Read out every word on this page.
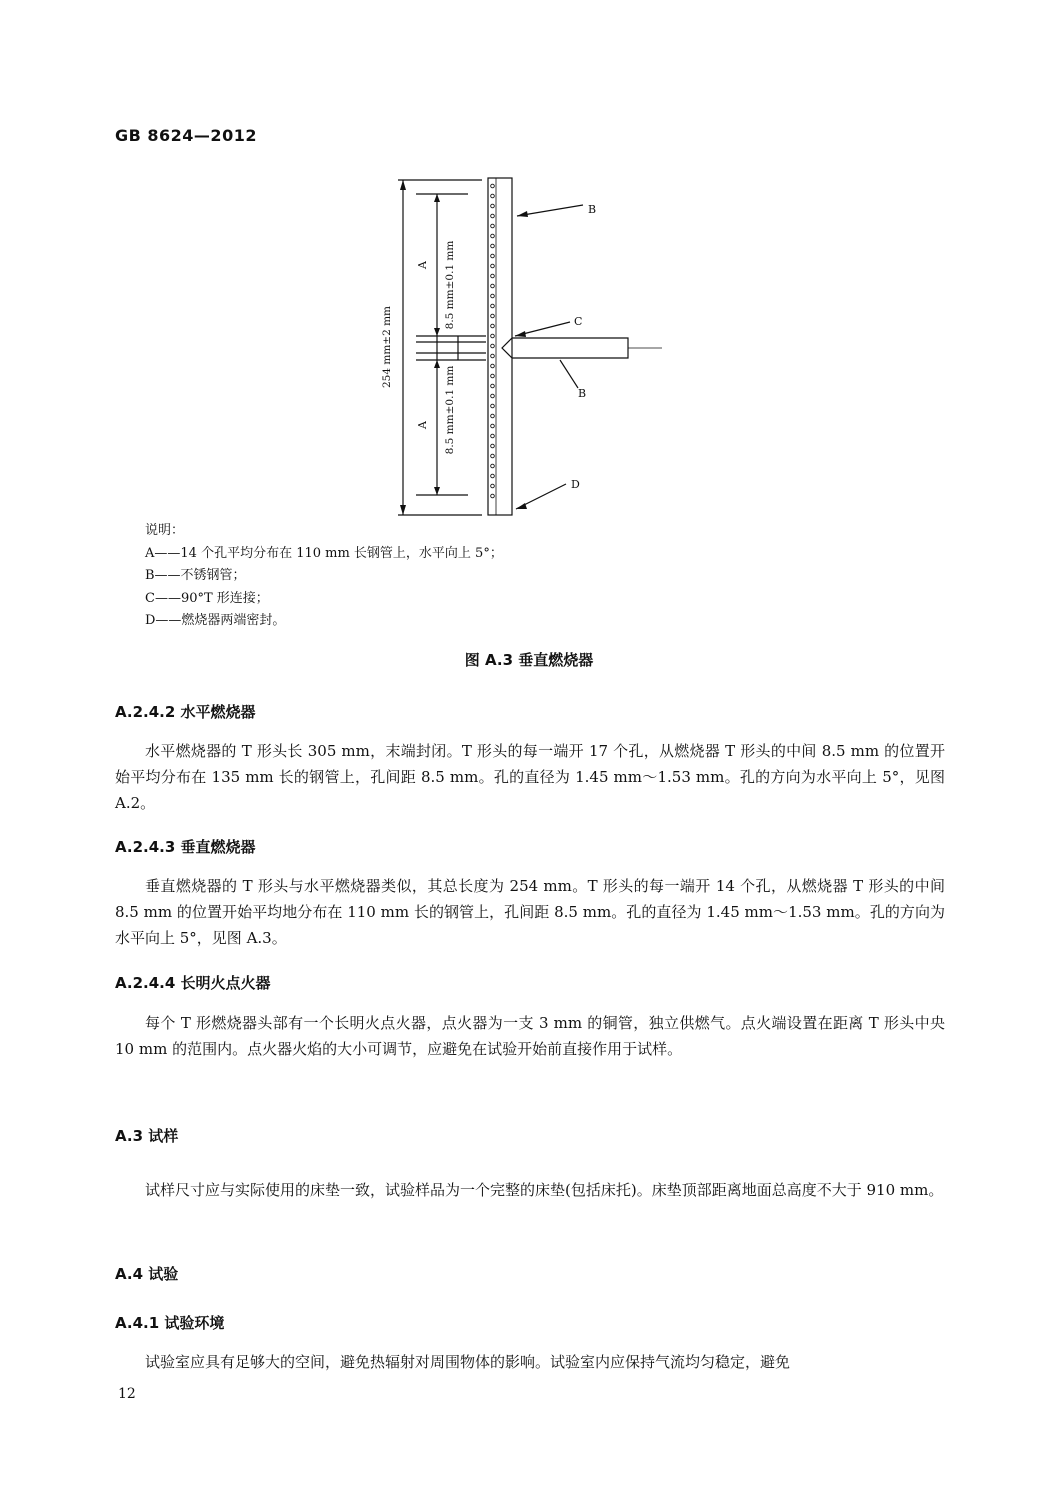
GB 8624—2012
B
C
B
D
A
A
254 mm±2 mm
8.5 mm±0.1 mm
8.5 mm±0.1 mm
说明：
A——14 个孔平均分布在 110 mm 长钢管上，水平向上 5°；
B——不锈钢管；
C——90°T 形连接；
D——燃烧器两端密封。
图 A.3 垂直燃烧器
A.2.4.2 水平燃烧器

水平燃烧器的 T 形头长 305 mm，末端封闭。T 形头的每一端开 17 个孔，从燃烧器 T 形头的中间 8.5 mm 的位置开始平均分布在 135 mm 长的钢管上，孔间距 8.5 mm。孔的直径为 1.45 mm～1.53 mm。孔的方向为水平向上 5°，见图 A.2。

A.2.4.3 垂直燃烧器

垂直燃烧器的 T 形头与水平燃烧器类似，其总长度为 254 mm。T 形头的每一端开 14 个孔，从燃烧器 T 形头的中间 8.5 mm 的位置开始平均地分布在 110 mm 长的钢管上，孔间距 8.5 mm。孔的直径为 1.45 mm～1.53 mm。孔的方向为水平向上 5°，见图 A.3。

A.2.4.4 长明火点火器

每个 T 形燃烧器头部有一个长明火点火器，点火器为一支 3 mm 的铜管，独立供燃气。点火端设置在距离 T 形头中央 10 mm 的范围内。点火器火焰的大小可调节，应避免在试验开始前直接作用于试样。

A.3 试样

试样尺寸应与实际使用的床垫一致，试验样品为一个完整的床垫(包括床托)。床垫顶部距离地面总高度不大于 910 mm。

A.4 试验
A.4.1 试验环境

试验室应具有足够大的空间，避免热辐射对周围物体的影响。试验室内应保持气流均匀稳定，避免

12
